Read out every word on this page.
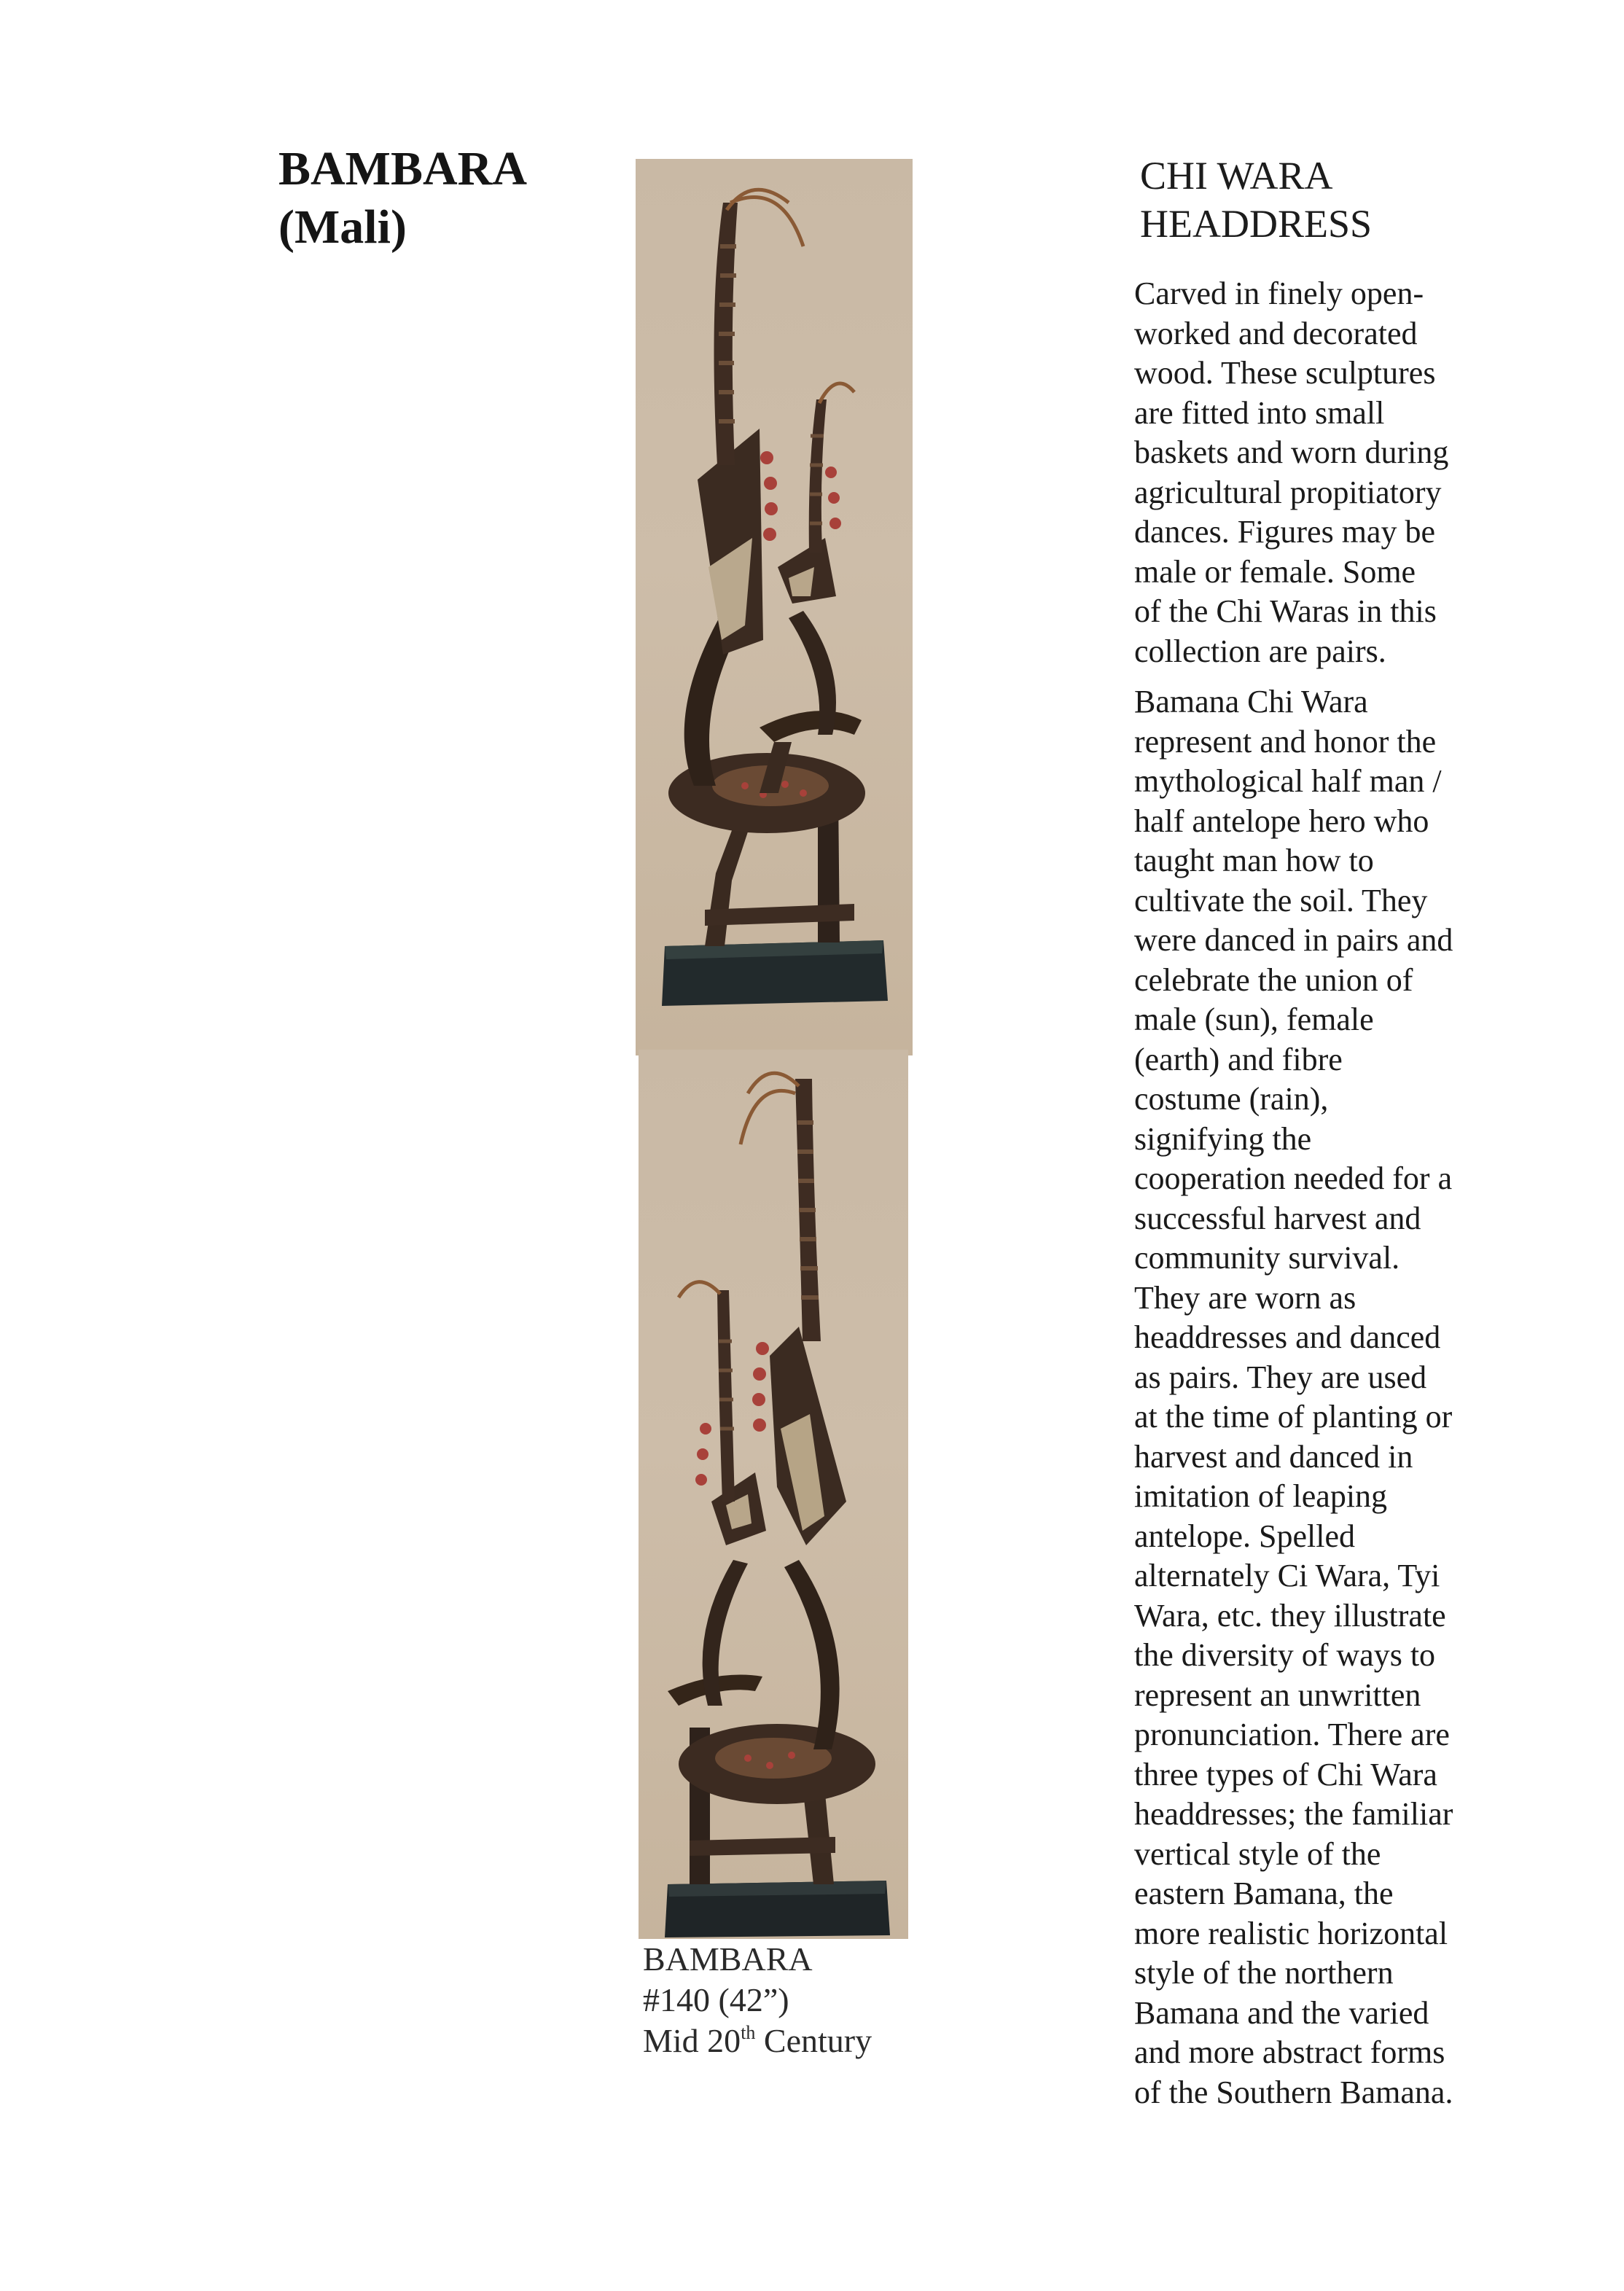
BAMBARA
(Mali)
BAMBARA
#140 (42”)
Mid 20th Century
CHI WARA
HEADDRESS
Carved in finely open-
worked and decorated
wood. These sculptures
are fitted into small
baskets and worn during
agricultural propitiatory
dances. Figures may be
male or female. Some
of the Chi Waras in this
collection are pairs.
Bamana Chi Wara
represent and honor the
mythological half man /
half antelope hero who
taught man how to
cultivate the soil. They
were danced in pairs and
celebrate the union of
male (sun), female
(earth) and fibre
costume (rain),
signifying the
cooperation needed for a
successful harvest and
community survival.
They are worn as
headdresses and danced
as pairs. They are used
at the time of planting or
harvest and danced in
imitation of leaping
antelope. Spelled
alternately Ci Wara, Tyi
Wara, etc. they illustrate
the diversity of ways to
represent an unwritten
pronunciation. There are
three types of Chi Wara
headdresses; the familiar
vertical style of the
eastern Bamana, the
more realistic horizontal
style of the northern
Bamana and the varied
and more abstract forms
of the Southern Bamana.
